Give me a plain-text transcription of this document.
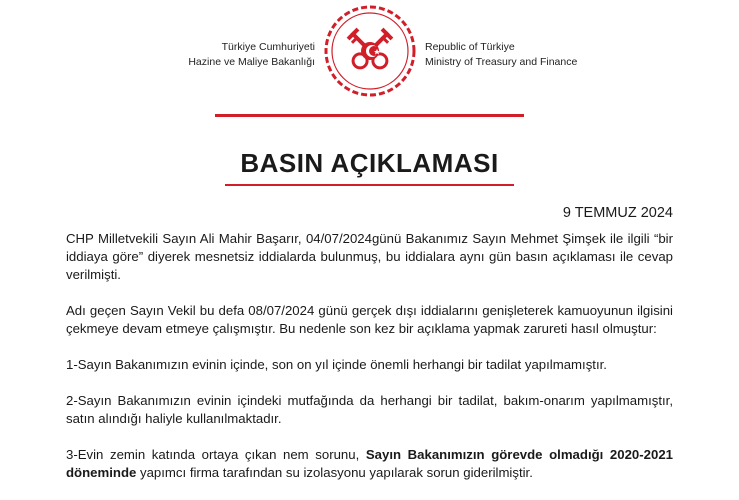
Türkiye Cumhuriyeti
Hazine ve Maliye Bakanlığı
Republic of Türkiye
Ministry of Treasury and Finance
BASIN AÇIKLAMASI
9 TEMMUZ 2024

CHP Milletvekili Sayın Ali Mahir Başarır, 04/07/2024günü Bakanımız Sayın Mehmet Şimşek ile ilgili “bir iddiaya göre” diyerek mesnetsiz iddialarda bulunmuş, bu iddialara aynı gün basın açıklaması ile cevap verilmişti.

Adı geçen Sayın Vekil bu defa 08/07/2024 günü gerçek dışı iddialarını genişleterek kamuoyunun ilgisini çekmeye devam etmeye çalışmıştır. Bu nedenle son kez bir açıklama yapmak zarureti hasıl olmuştur:

1-Sayın Bakanımızın evinin içinde, son on yıl içinde önemli herhangi bir tadilat yapılmamıştır.

2-Sayın Bakanımızın evinin içindeki mutfağında da herhangi bir tadilat, bakım-onarım yapılmamıştır, satın alındığı haliyle kullanılmaktadır.

3-Evin zemin katında ortaya çıkan nem sorunu, Sayın Bakanımızın görevde olmadığı 2020-2021 döneminde yapımcı firma tarafından su izolasyonu yapılarak sorun giderilmiştir.
